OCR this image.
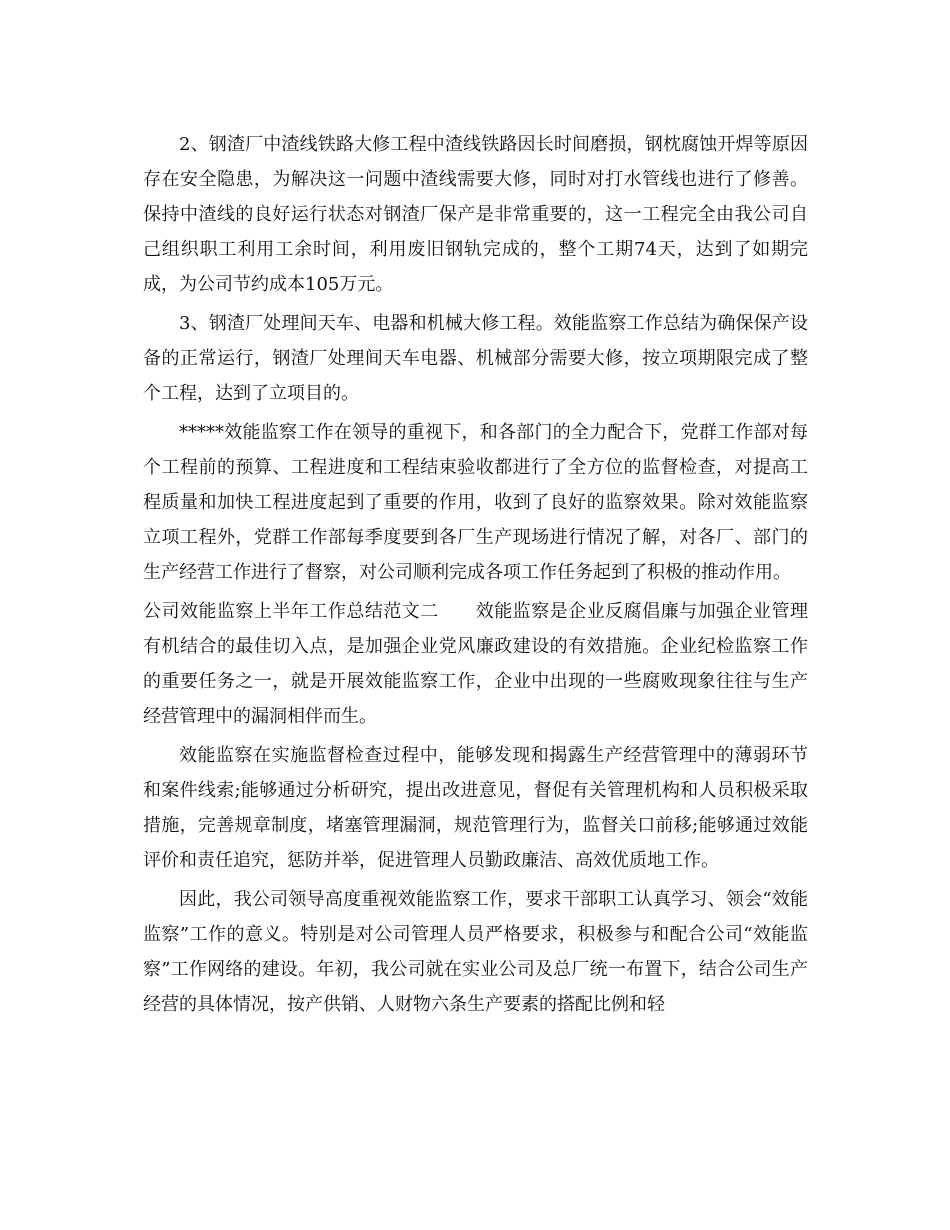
2、钢渣厂中渣线铁路大修工程中渣线铁路因长时间磨损，钢枕腐蚀开焊等原因存在安全隐患，为解决这一问题中渣线需要大修，同时对打水管线也进行了修善。保持中渣线的良好运行状态对钢渣厂保产是非常重要的，这一工程完全由我公司自己组织职工利用工余时间，利用废旧钢轨完成的，整个工期74天，达到了如期完成，为公司节约成本105万元。

3、钢渣厂处理间天车、电器和机械大修工程。效能监察工作总结为确保保产设备的正常运行，钢渣厂处理间天车电器、机械部分需要大修，按立项期限完成了整个工程，达到了立项目的。

*****效能监察工作在领导的重视下，和各部门的全力配合下，党群工作部对每个工程前的预算、工程进度和工程结束验收都进行了全方位的监督检查，对提高工程质量和加快工程进度起到了重要的作用，收到了良好的监察效果。除对效能监察立项工程外，党群工作部每季度要到各厂生产现场进行情况了解，对各厂、部门的生产经营工作进行了督察，对公司顺利完成各项工作任务起到了积极的推动作用。

公司效能监察上半年工作总结范文二　　效能监察是企业反腐倡廉与加强企业管理有机结合的最佳切入点，是加强企业党风廉政建设的有效措施。企业纪检监察工作的重要任务之一，就是开展效能监察工作，企业中出现的一些腐败现象往往与生产经营管理中的漏洞相伴而生。

效能监察在实施监督检查过程中，能够发现和揭露生产经营管理中的薄弱环节和案件线索;能够通过分析研究，提出改进意见，督促有关管理机构和人员积极采取措施，完善规章制度，堵塞管理漏洞，规范管理行为，监督关口前移;能够通过效能评价和责任追究，惩防并举，促进管理人员勤政廉洁、高效优质地工作。

因此，我公司领导高度重视效能监察工作，要求干部职工认真学习、领会“效能监察”工作的意义。特别是对公司管理人员严格要求，积极参与和配合公司“效能监察”工作网络的建设。年初，我公司就在实业公司及总厂统一布置下，结合公司生产经营的具体情况，按产供销、人财物六条生产要素的搭配比例和轻
